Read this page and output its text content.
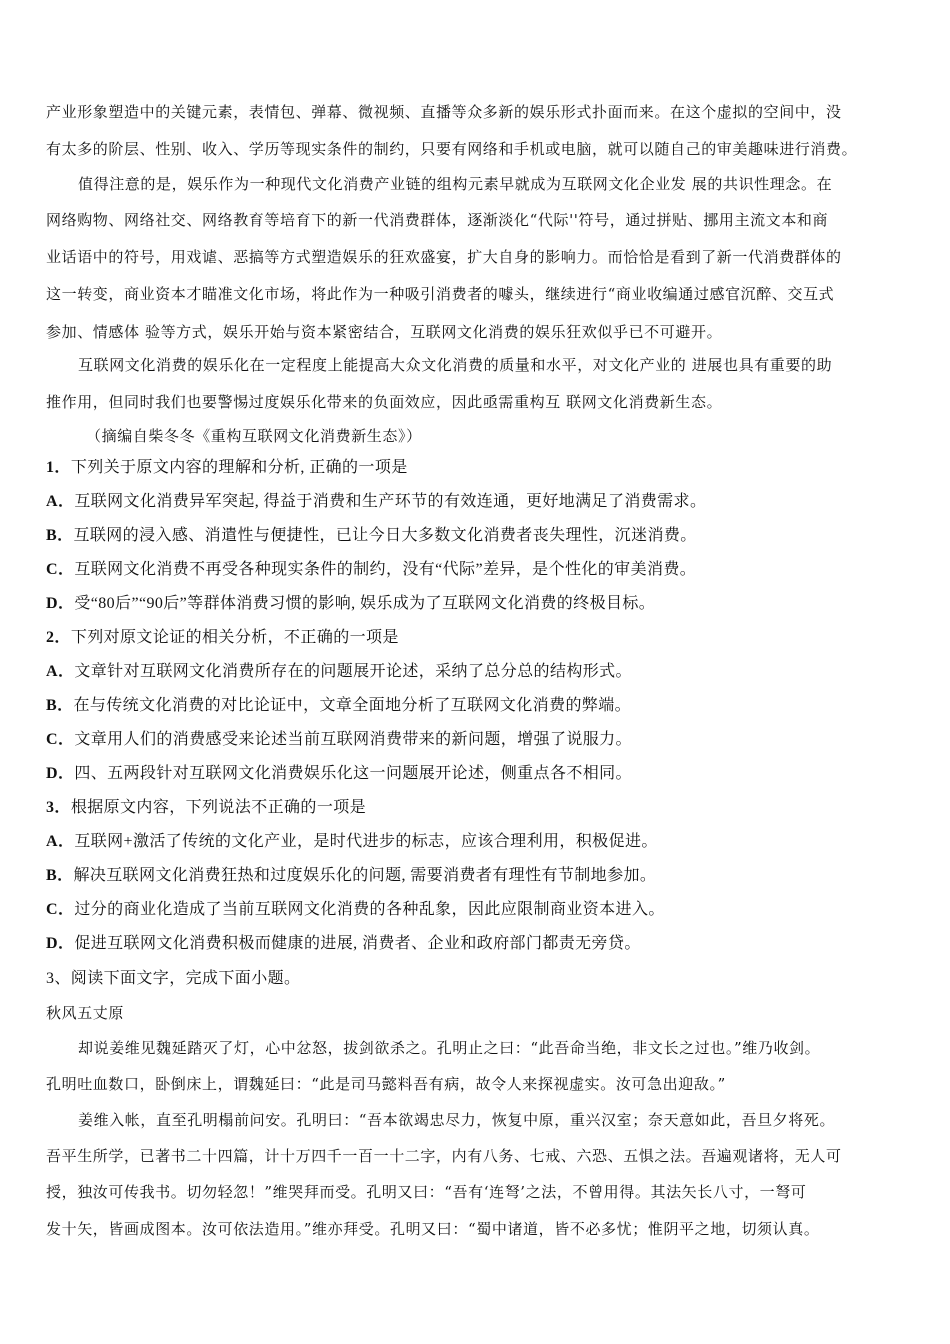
产业形象塑造中的关键元素，表情包、弹幕、微视频、直播等众多新的娱乐形式扑面而来。在这个虚拟的空间中，没
有太多的阶层、性别、收入、学历等现实条件的制约，只要有网络和手机或电脑，就可以随自己的审美趣味进行消费。
值得注意的是，娱乐作为一种现代文化消费产业链的组构元素早就成为互联网文化企业发 展的共识性理念。在
网络购物、网络社交、网络教育等培育下的新一代消费群体，逐渐淡化“代际''符号，通过拼贴、挪用主流文本和商
业话语中的符号，用戏谑、恶搞等方式塑造娱乐的狂欢盛宴，扩大自身的影响力。而恰恰是看到了新一代消费群体的
这一转变，商业资本才瞄准文化市场，将此作为一种吸引消费者的噱头，继续进行“商业收编通过感官沉醉、交互式
参加、情感体 验等方式，娱乐开始与资本紧密结合，互联网文化消费的娱乐狂欢似乎已不可避开。
互联网文化消费的娱乐化在一定程度上能提高大众文化消费的质量和水平，对文化产业的 进展也具有重要的助
推作用，但同时我们也要警惕过度娱乐化带来的负面效应，因此亟需重构互 联网文化消费新生态。
（摘编自柴冬冬《重构互联网文化消费新生态》）
1．下列关于原文内容的理解和分析, 正确的一项是
A．互联网文化消费异军突起, 得益于消费和生产环节的有效连通，更好地满足了消费需求。
B．互联网的浸入感、消遣性与便捷性，已让今日大多数文化消费者丧失理性，沉迷消费。
C．互联网文化消费不再受各种现实条件的制约，没有“代际”差异，是个性化的审美消费。
D．受“80后”“90后”等群体消费习惯的影响, 娱乐成为了互联网文化消费的终极目标。
2．下列对原文论证的相关分析，不正确的一项是
A．文章针对互联网文化消费所存在的问题展开论述，采纳了总分总的结构形式。
B．在与传统文化消费的对比论证中，文章全面地分析了互联网文化消费的弊端。
C．文章用人们的消费感受来论述当前互联网消费带来的新问题，增强了说服力。
D．四、五两段针对互联网文化消费娱乐化这一问题展开论述，侧重点各不相同。
3．根据原文内容，下列说法不正确的一项是
A．互联网+激活了传统的文化产业，是时代进步的标志，应该合理利用，积极促进。
B．解决互联网文化消费狂热和过度娱乐化的问题, 需要消费者有理性有节制地参加。
C．过分的商业化造成了当前互联网文化消费的各种乱象，因此应限制商业资本进入。
D．促进互联网文化消费积极而健康的进展, 消费者、企业和政府部门都责无旁贷。
3、阅读下面文字，完成下面小题。
秋风五丈原
却说姜维见魏延踏灭了灯，心中忿怒，拔剑欲杀之。孔明止之曰：“此吾命当绝，非文长之过也。”维乃收剑。
孔明吐血数口，卧倒床上，谓魏延曰：“此是司马懿料吾有病，故令人来探视虚实。汝可急出迎敌。”
姜维入帐，直至孔明榻前问安。孔明曰：“吾本欲竭忠尽力，恢复中原，重兴汉室；奈天意如此，吾旦夕将死。
吾平生所学，已著书二十四篇，计十万四千一百一十二字，内有八务、七戒、六恐、五惧之法。吾遍观诸将，无人可
授，独汝可传我书。切勿轻忽！”维哭拜而受。孔明又曰：“吾有‘连弩’之法，不曾用得。其法矢长八寸，一弩可
发十矢，皆画成图本。汝可依法造用。”维亦拜受。孔明又曰：“蜀中诸道，皆不必多忧；惟阴平之地，切须认真。
